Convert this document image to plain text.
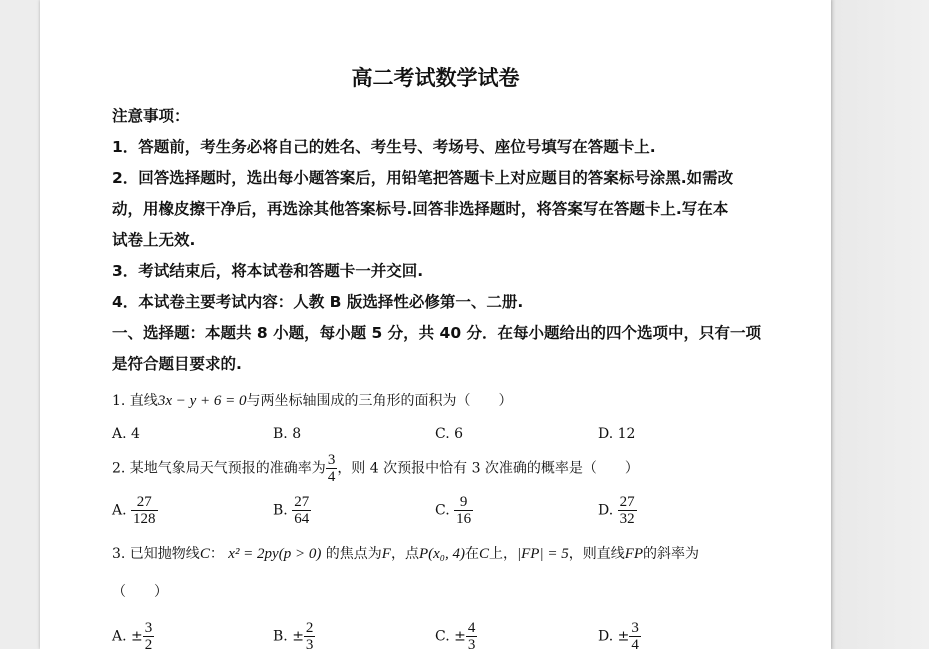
高二考试数学试卷
注意事项：
1．答题前，考生务必将自己的姓名、考生号、考场号、座位号填写在答题卡上.
2．回答选择题时，选出每小题答案后，用铅笔把答题卡上对应题目的答案标号涂黑.如需改
动，用橡皮擦干净后，再选涂其他答案标号.回答非选择题时，将答案写在答题卡上.写在本
试卷上无效.
3．考试结束后，将本试卷和答题卡一并交回.
4．本试卷主要考试内容：人教 B 版选择性必修第一、二册.
一、选择题：本题共 8 小题，每小题 5 分，共 40 分．在每小题给出的四个选项中，只有一项
是符合题目要求的.
1. 直线3x − y + 6 = 0与两坐标轴围成的三角形的面积为（　　）
A. 4	B. 8	C. 6	D. 12
2. 某地气象局天气预报的准确率为 $\frac{3}{4}$ ，则 4 次预报中恰有 3 次准确的概率是（　　）
A. $\frac{27}{128}$	B. $\frac{27}{64}$	C. $\frac{9}{16}$	D. $\frac{27}{32}$
3. 已知抛物线C： x² = 2py(p > 0) 的焦点为F，点P(x₀, 4)在C上，|FP| = 5，则直线FP的斜率为
（　　）
A. ± $\frac{3}{2}$	B. ± $\frac{2}{3}$	C. ± $\frac{4}{3}$	D. ± $\frac{3}{4}$
